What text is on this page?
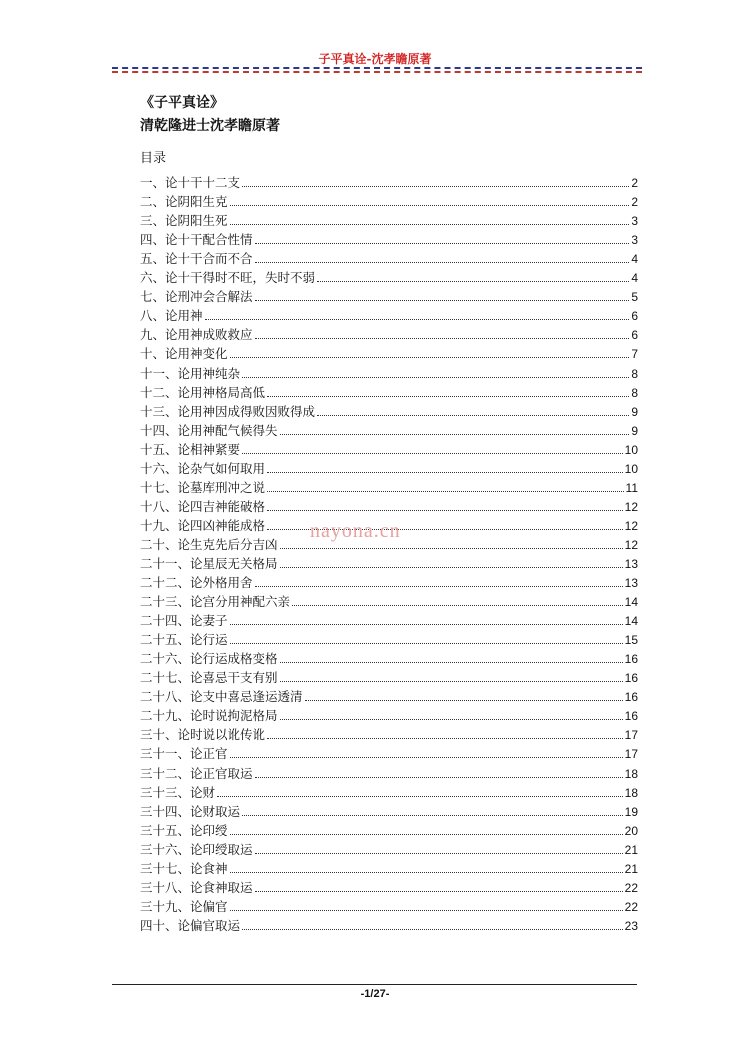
子平真诠-沈孝瞻原著
《子平真诠》
清乾隆进士沈孝瞻原著
目录
一、论十干十二支	2
二、论阴阳生克	2
三、论阴阳生死	3
四、论十干配合性情	3
五、论十干合而不合	4
六、论十干得时不旺，失时不弱	4
七、论刑冲会合解法	5
八、论用神	6
九、论用神成败救应	6
十、论用神变化	7
十一、论用神纯杂	8
十二、论用神格局高低	8
十三、论用神因成得败因败得成	9
十四、论用神配气候得失	9
十五、论相神紧要	10
十六、论杂气如何取用	10
十七、论墓库刑冲之说	11
十八、论四吉神能破格	12
十九、论四凶神能成格	12
二十、论生克先后分吉凶	12
二十一、论星辰无关格局	13
二十二、论外格用舍	13
二十三、论宫分用神配六亲	14
二十四、论妻子	14
二十五、论行运	15
二十六、论行运成格变格	16
二十七、论喜忌干支有别	16
二十八、论支中喜忌逢运透清	16
二十九、论时说拘泥格局	16
三十、论时说以讹传讹	17
三十一、论正官	17
三十二、论正官取运	18
三十三、论财	18
三十四、论财取运	19
三十五、论印绶	20
三十六、论印绶取运	21
三十七、论食神	21
三十八、论食神取运	22
三十九、论偏官	22
四十、论偏官取运	23
nayona.cn
-1/27-
